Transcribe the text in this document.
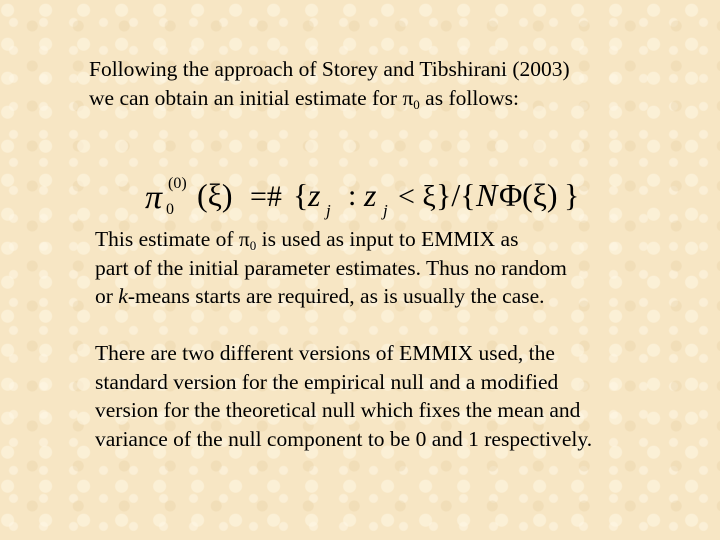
Following the approach of Storey and Tibshirani (2003)
we can obtain an initial estimate for $\pi_0$ as follows:
π (0)
0 (ξ) =# { z j : z j < ξ }/{ N Φ (ξ) }
This estimate of $\pi_0$ is used as input to EMMIX as
part of the initial parameter estimates. Thus no random
or k-means starts are required, as is usually the case.
There are two different versions of EMMIX used, the
standard version for the empirical null and a modified
version for the theoretical null which fixes the mean and
variance of the null component to be 0 and 1 respectively.
